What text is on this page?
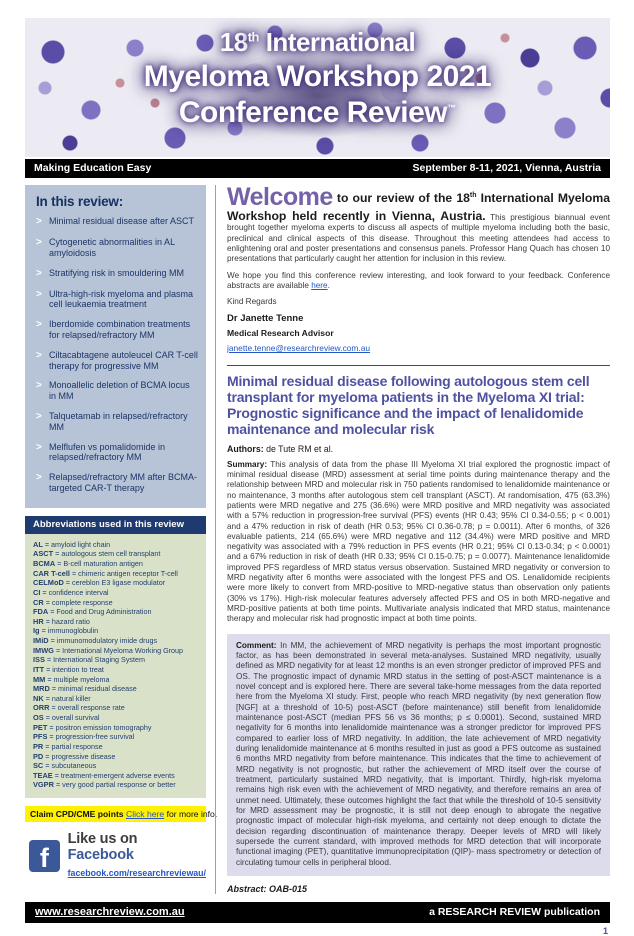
18th International
Myeloma Workshop 2021
Conference Review™
Making Education Easy	September 8-11, 2021, Vienna, Austria
In this review:
> Minimal residual disease after ASCT
> Cytogenetic abnormalities in AL amyloidosis
> Stratifying risk in smouldering MM
> Ultra-high-risk myeloma and plasma cell leukaemia treatment
> Iberdomide combination treatments for relapsed/refractory MM
> Ciltacabtagene autoleucel CAR T-cell therapy for progressive MM
> Monoallelic deletion of BCMA locus in MM
> Talquetamab in relapsed/refractory MM
> Melflufen vs pomalidomide in relapsed/refractory MM
> Relapsed/refractory MM after BCMA-targeted CAR-T therapy
Abbreviations used in this review
AL = amyloid light chain
ASCT = autologous stem cell transplant
BCMA = B-cell maturation antigen
CAR T-cell = chimeric antigen receptor T-cell
CELMoD = cereblon E3 ligase modulator
CI = confidence interval
CR = complete response
FDA = Food and Drug Administration
HR = hazard ratio
Ig = immunoglobulin
IMiD = immunomodulatory imide drugs
IMWG = International Myeloma Working Group
ISS = International Staging System
ITT = intention to treat
MM = multiple myeloma
MRD = minimal residual disease
NK = natural killer
ORR = overall response rate
OS = overall survival
PET = positron emission tomography
PFS = progression-free survival
PR = partial response
PD = progressive disease
SC = subcutaneous
TEAE = treatment-emergent adverse events
VGPR = very good partial response or better
Claim CPD/CME points Click here for more info.
f
Like us on Facebook
facebook.com/researchreviewau/

Welcome to our review of the 18th International Myeloma Workshop held recently in Vienna, Austria. This prestigious biannual event brought together myeloma experts to discuss all aspects of multiple myeloma including both the basic, preclinical and clinical aspects of this disease. Throughout this meeting attendees had access to enlightening oral and poster presentations and consensus panels. Professor Hang Quach has chosen 10 presentations that particularly caught her attention for inclusion in this review.

We hope you find this conference review interesting, and look forward to your feedback. Conference abstracts are available here.

Kind Regards

Dr Janette Tenne

Medical Research Advisor

janette.tenne@researchreview.com.au
Minimal residual disease following autologous stem cell transplant for myeloma patients in the Myeloma XI trial: Prognostic significance and the impact of lenalidomide maintenance and molecular risk

Authors: de Tute RM et al.

Summary: This analysis of data from the phase III Myeloma XI trial explored the prognostic impact of minimal residual disease (MRD) assessment at serial time points during maintenance therapy and the relationship between MRD and molecular risk in 750 patients randomised to lenalidomide maintenance or no maintenance, 3 months after autologous stem cell transplant (ASCT). At randomisation, 475 (63.3%) patients were MRD negative and 275 (36.6%) were MRD positive and MRD negativity was associated with a 57% reduction in progression-free survival (PFS) events (HR 0.43; 95% CI 0.34-0.55; p < 0.001) and a 47% reduction in risk of death (HR 0.53; 95% CI 0.36-0.78; p = 0.0011). After 6 months, of 326 evaluable patients, 214 (65.6%) were MRD negative and 112 (34.4%) were MRD positive and MRD negativity was associated with a 79% reduction in PFS events (HR 0.21; 95% CI 0.13-0.34; p < 0.0001) and a 67% reduction in risk of death (HR 0.33; 95% CI 0.15-0.75; p = 0.0077). Maintenance lenalidomide improved PFS regardless of MRD status versus observation. Sustained MRD negativity or conversion to MRD negativity after 6 months were associated with the longest PFS and OS. Lenalidomide recipients were more likely to convert from MRD-positive to MRD-negative status than observation only patients (30% vs 17%). High-risk molecular features adversely affected PFS and OS in both MRD-negative and MRD-positive patients at both time points. Multivariate analysis indicated that MRD status, maintenance therapy and molecular risk had prognostic impact at both time points.

Comment: In MM, the achievement of MRD negativity is perhaps the most important prognostic factor, as has been demonstrated in several meta-analyses. Sustained MRD negativity, usually defined as MRD negativity for at least 12 months is an even stronger predictor of improved PFS and OS. The prognostic impact of dynamic MRD status in the setting of post-ASCT maintenance is a novel concept and is explored here. There are several take-home messages from the data reported here from the Myeloma XI study. First, people who reach MRD negativity (by next generation flow [NGF] at a threshold of 10-5) post-ASCT (before maintenance) still benefit from lenalidomide maintenance post-ASCT (median PFS 56 vs 36 months; p ≤ 0.0001). Second, sustained MRD negativity for 6 months into lenalidomide maintenance was a stronger predictor for improved PFS compared to earlier loss of MRD negativity. In addition, the late achievement of MRD negativity during lenalidomide maintenance at 6 months resulted in just as good a PFS outcome as sustained 6 months MRD negativity from before maintenance. This indicates that the time to achievement of MRD negativity is not prognostic, but rather the achievement of MRD itself over the course of treatment, particularly sustained MRD negativity, that is important. Thirdly, high-risk myeloma remains high risk even with the achievement of MRD negativity, and therefore remains an area of unmet need. Ultimately, these outcomes highlight the fact that while the threshold of 10-5 sensitivity for MRD assessment may be prognostic, it is still not deep enough to abrogate the negative prognostic impact of molecular high-risk myeloma, and certainly not deep enough to dictate the decision regarding discontinuation of maintenance therapy. Deeper levels of MRD will likely supersede the current standard, with improved methods for MRD detection that will incorporate functional imaging (PET), quantitative immunoprecipitation (QIP)- mass spectrometry or detection of circulating tumour cells in peripheral blood.

Abstract: OAB-015

www.researchreview.com.au	a RESEARCH REVIEW publication
1
